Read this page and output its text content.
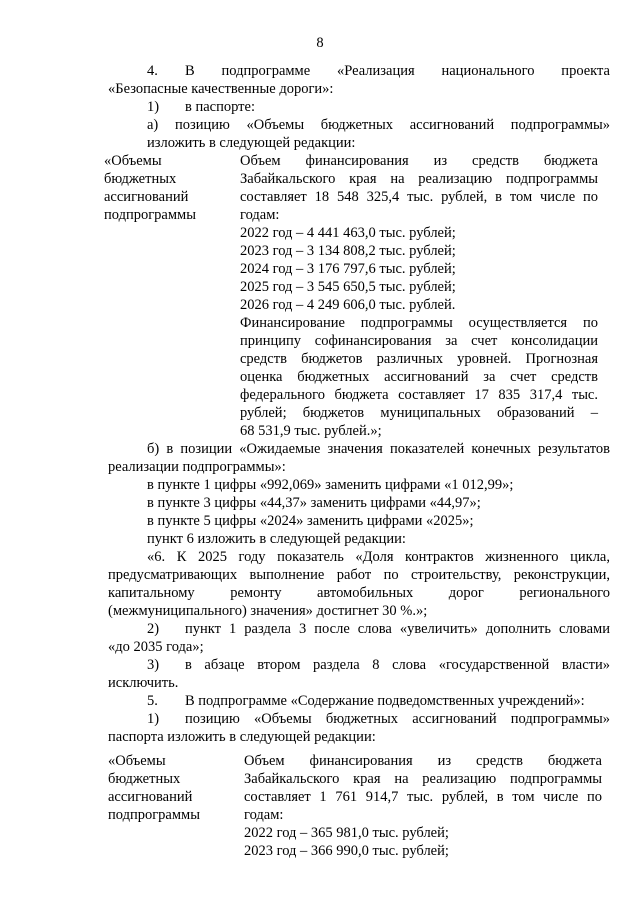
8
4. В подпрограмме «Реализация национального проекта
«Безопасные качественные дороги»:
1) в паспорте:
а) позицию «Объемы бюджетных ассигнований подпрограммы»
изложить в следующей редакции:
«Объемы
бюджетных
ассигнований
подпрограммы
Объем финансирования из средств бюджета
Забайкальского края на реализацию подпрограммы
составляет 18 548 325,4 тыс. рублей, в том числе по
годам:
2022 год – 4 441 463,0 тыс. рублей;
2023 год – 3 134 808,2 тыс. рублей;
2024 год – 3 176 797,6 тыс. рублей;
2025 год – 3 545 650,5 тыс. рублей;
2026 год – 4 249 606,0 тыс. рублей.
Финансирование подпрограммы осуществляется по
принципу софинансирования за счет консолидации
средств бюджетов различных уровней. Прогнозная
оценка бюджетных ассигнований за счет средств
федерального бюджета составляет 17 835 317,4 тыс.
рублей; бюджетов муниципальных образований –
68 531,9 тыс. рублей.»;
б) в позиции «Ожидаемые значения показателей конечных результатов
реализации подпрограммы»:
в пункте 1 цифры «992,069» заменить цифрами «1 012,99»;
в пункте 3 цифры «44,37» заменить цифрами «44,97»;
в пункте 5 цифры «2024» заменить цифрами «2025»;
пункт 6 изложить в следующей редакции:
«6. К 2025 году показатель «Доля контрактов жизненного цикла,
предусматривающих выполнение работ по строительству, реконструкции,
капитальному ремонту автомобильных дорог регионального
(межмуниципального) значения» достигнет 30 %.»;
2) пункт 1 раздела 3 после слова «увеличить» дополнить словами
«до 2035 года»;
3) в абзаце втором раздела 8 слова «государственной власти»
исключить.
5. В подпрограмме «Содержание подведомственных учреждений»:
1) позицию «Объемы бюджетных ассигнований подпрограммы»
паспорта изложить в следующей редакции:
«Объемы
бюджетных
ассигнований
подпрограммы
Объем финансирования из средств бюджета
Забайкальского края на реализацию подпрограммы
составляет 1 761 914,7 тыс. рублей, в том числе по
годам:
2022 год – 365 981,0 тыс. рублей;
2023 год – 366 990,0 тыс. рублей;
